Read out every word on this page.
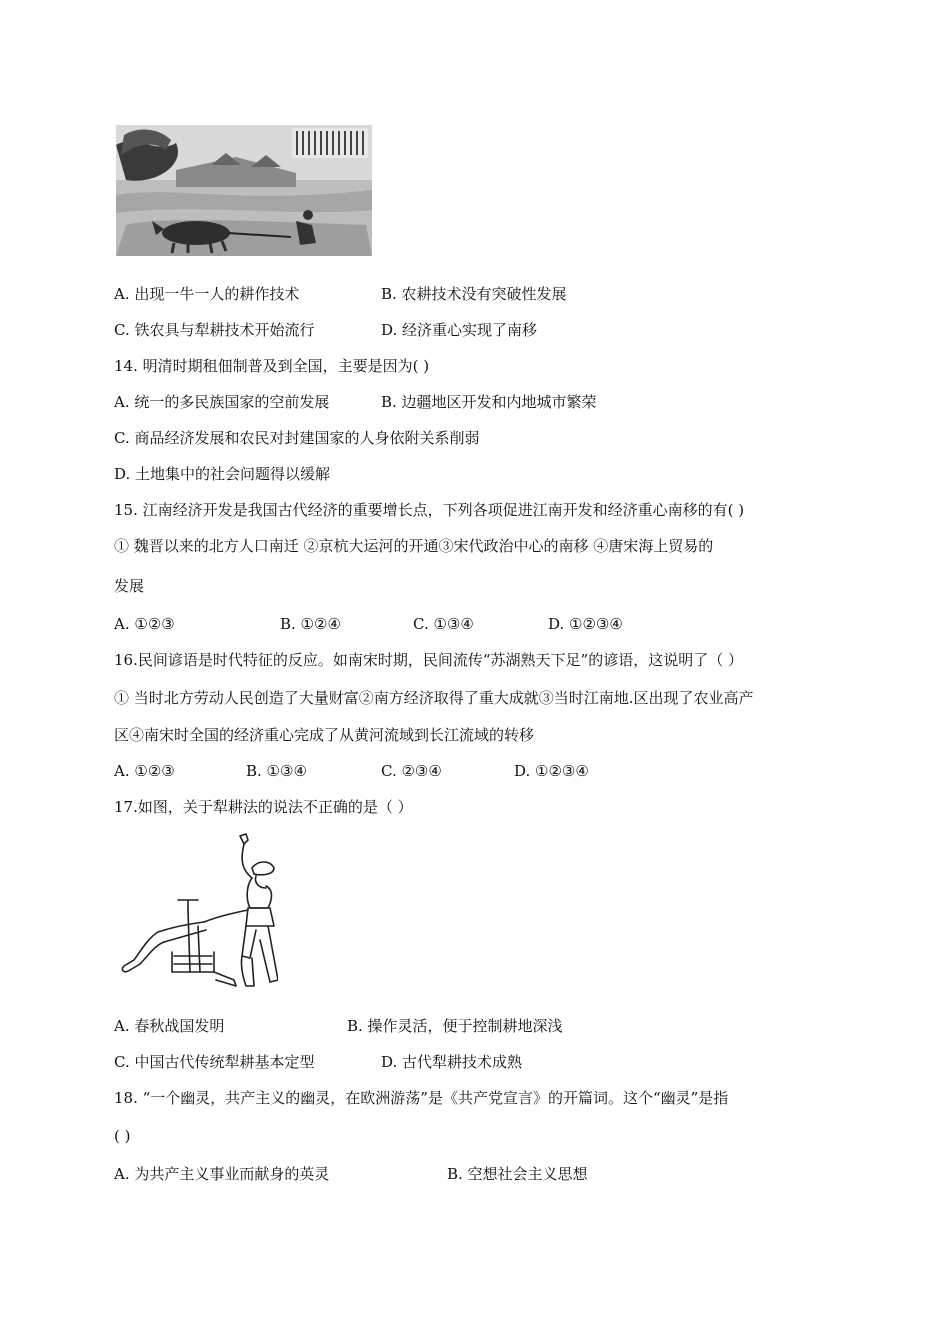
A. 出现一牛一人的耕作技术	B. 农耕技术没有突破性发展
C. 铁农具与犁耕技术开始流行	D. 经济重心实现了南移
14. 明清时期租佃制普及到全国，主要是因为( )
A. 统一的多民族国家的空前发展	B. 边疆地区开发和内地城市繁荣
C. 商品经济发展和农民对封建国家的人身依附关系削弱
D. 土地集中的社会问题得以缓解
15. 江南经济开发是我国古代经济的重要增长点，下列各项促进江南开发和经济重心南移的有( )
① 魏晋以来的北方人口南迁 ②京杭大运河的开通③宋代政治中心的南移 ④唐宋海上贸易的
发展
A. ①②③	B. ①②④	C. ①③④	D. ①②③④
16.民间谚语是时代特征的反应。如南宋时期，民间流传“苏湖熟天下足”的谚语，这说明了（ ）
① 当时北方劳动人民创造了大量财富②南方经济取得了重大成就③当时江南地.区出现了农业高产
区④南宋时全国的经济重心完成了从黄河流域到长江流域的转移
A. ①②③	B. ①③④	C. ②③④	D. ①②③④
17.如图，关于犁耕法的说法不正确的是（ ）
A. 春秋战国发明	B. 操作灵活，便于控制耕地深浅
C. 中国古代传统犁耕基本定型	D. 古代犁耕技术成熟
18. “一个幽灵，共产主义的幽灵，在欧洲游荡”是《共产党宣言》的开篇词。这个“幽灵”是指
( )
A. 为共产主义事业而献身的英灵	B. 空想社会主义思想
